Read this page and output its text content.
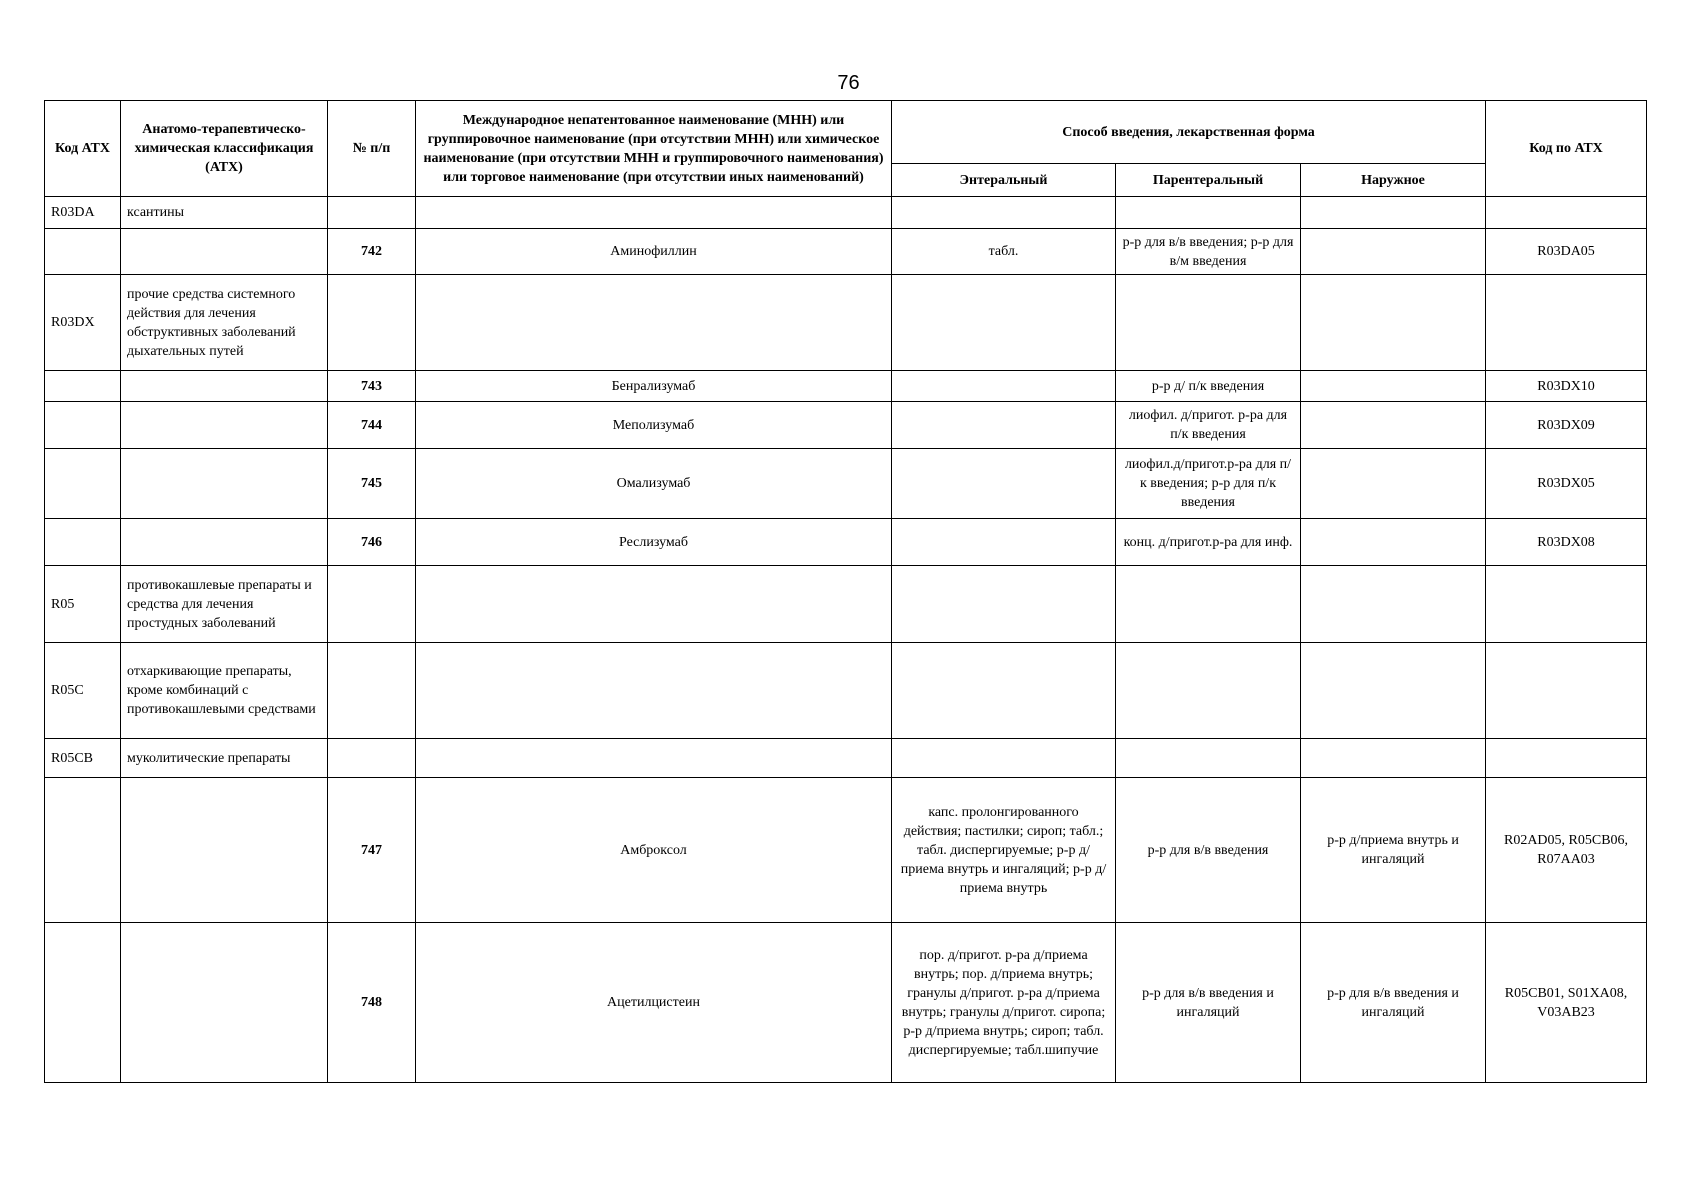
76
Код АТХ	Анатомо-терапевтическо-химическая классификация (АТХ)	№ п/п	Международное непатентованное наименование (МНН) или группировочное наименование (при отсутствии МНН) или химическое наименование (при отсутствии МНН и группировочного наименования) или торговое наименование (при отсутствии иных наименований)	Способ введения, лекарственная форма			Код по АТХ
				Энтеральный	Парентеральный	Наружное	
R03DA	ксантины						
		742	Аминофиллин	табл.	р-р для в/в введения; р-р для в/м введения		R03DA05
R03DX	прочие средства системного действия для лечения обструктивных заболеваний дыхательных путей						
		743	Бенрализумаб		р-р д/ п/к введения		R03DX10
		744	Меполизумаб		лиофил. д/пригот. р-ра для п/к введения		R03DX09
		745	Омализумаб		лиофил.д/пригот.р-ра для п/к введения; р-р для п/к введения		R03DX05
		746	Реслизумаб		конц. д/пригот.р-ра для инф.		R03DX08
R05	противокашлевые препараты и средства для лечения простудных заболеваний						
R05C	отхаркивающие препараты, кроме комбинаций с противокашлевыми средствами						
R05CB	муколитические препараты						
		747	Амброксол	капс. пролонгированного действия; пастилки; сироп; табл.; табл. диспергируемые; р-р д/приема внутрь и ингаляций; р-р д/приема внутрь	р-р для в/в введения	р-р д/приема внутрь и ингаляций	R02AD05, R05CB06, R07AA03
		748	Ацетилцистеин	пор. д/пригот. р-ра д/приема внутрь; пор. д/приема внутрь; гранулы д/пригот. р-ра д/приема внутрь; гранулы д/пригот. сиропа; р-р д/приема внутрь; сироп; табл. диспергируемые; табл.шипучие	р-р для в/в введения и ингаляций	р-р для в/в введения и ингаляций	R05CB01, S01XA08, V03AB23
